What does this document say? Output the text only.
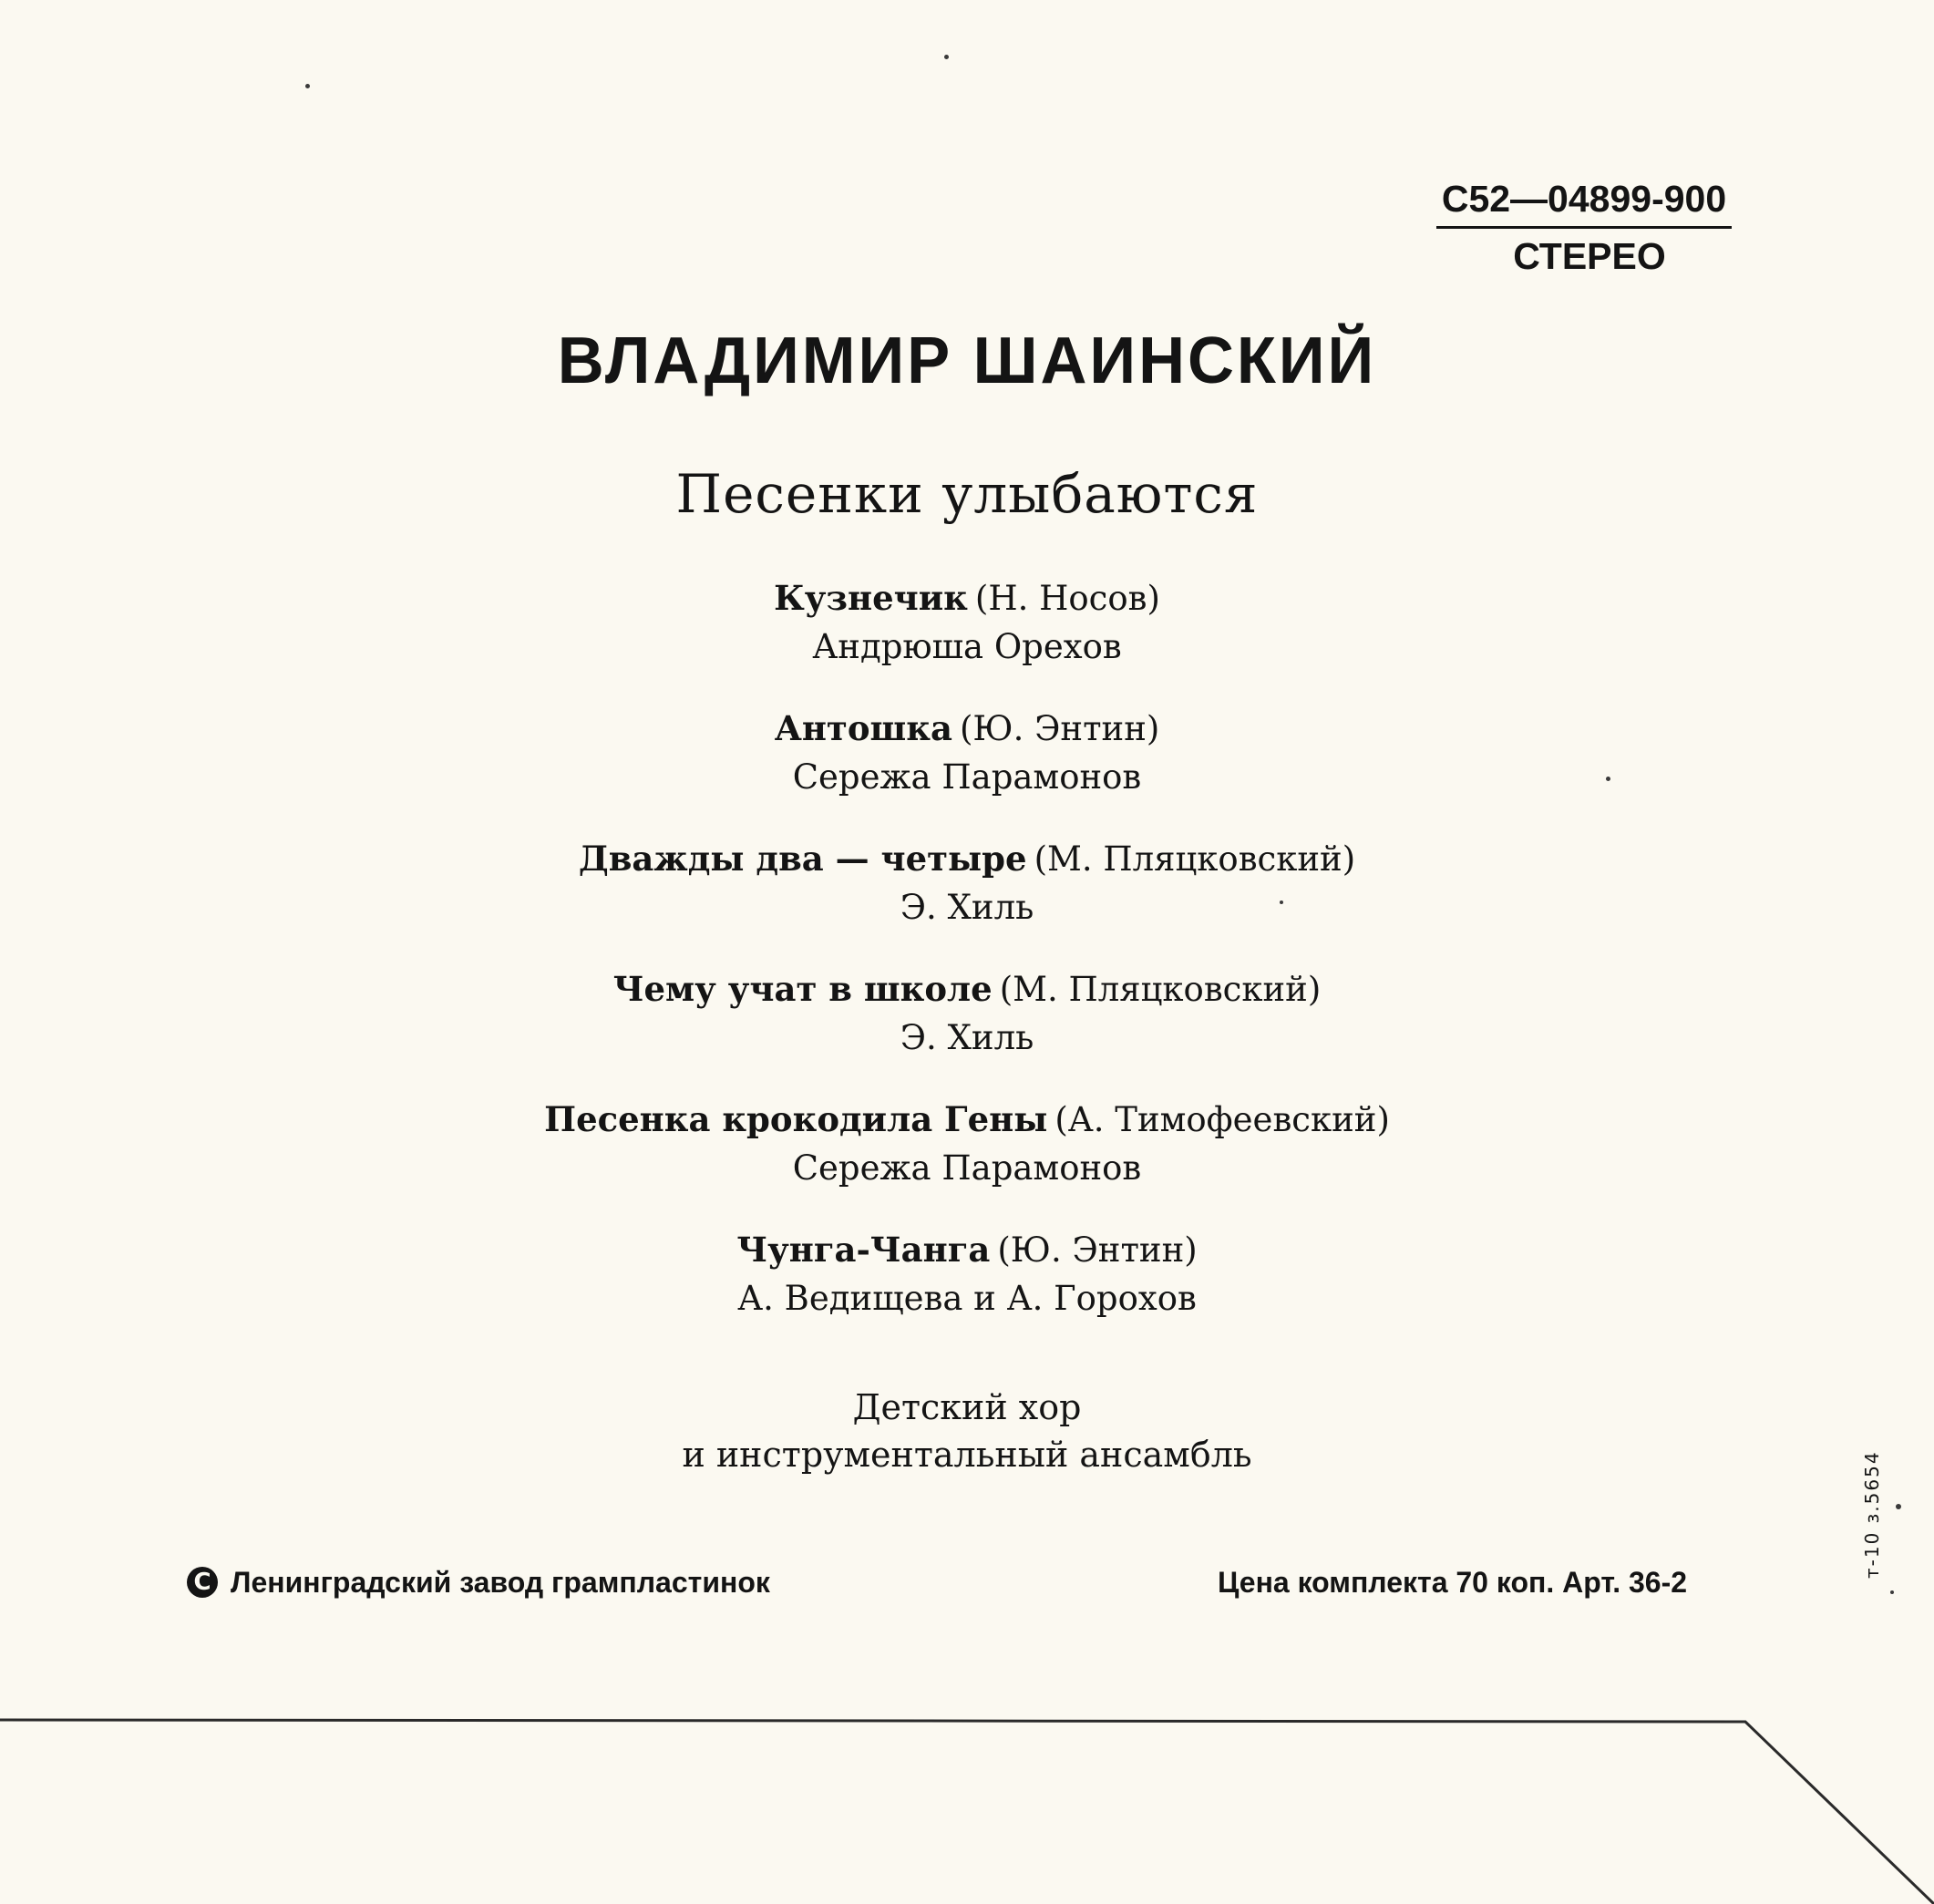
С52—04899-900
СТЕРЕО
ВЛАДИМИР ШАИНСКИЙ
Песенки улыбаются
Кузнечик (Н. Носов)
Андрюша Орехов
Антошка (Ю. Энтин)
Сережа Парамонов
Дважды два — четыре (М. Пляцковский)
Э. Хиль
Чему учат в школе (М. Пляцковский)
Э. Хиль
Песенка крокодила Гены (А. Тимофеевский)
Сережа Парамонов
Чунга-Чанга (Ю. Энтин)
А. Ведищева и А. Горохов
Детский хор
и инструментальный ансамбль
C Ленинградский завод грампластинок	Цена комплекта 70 коп. Арт. 36-2
т-10 з.5654
